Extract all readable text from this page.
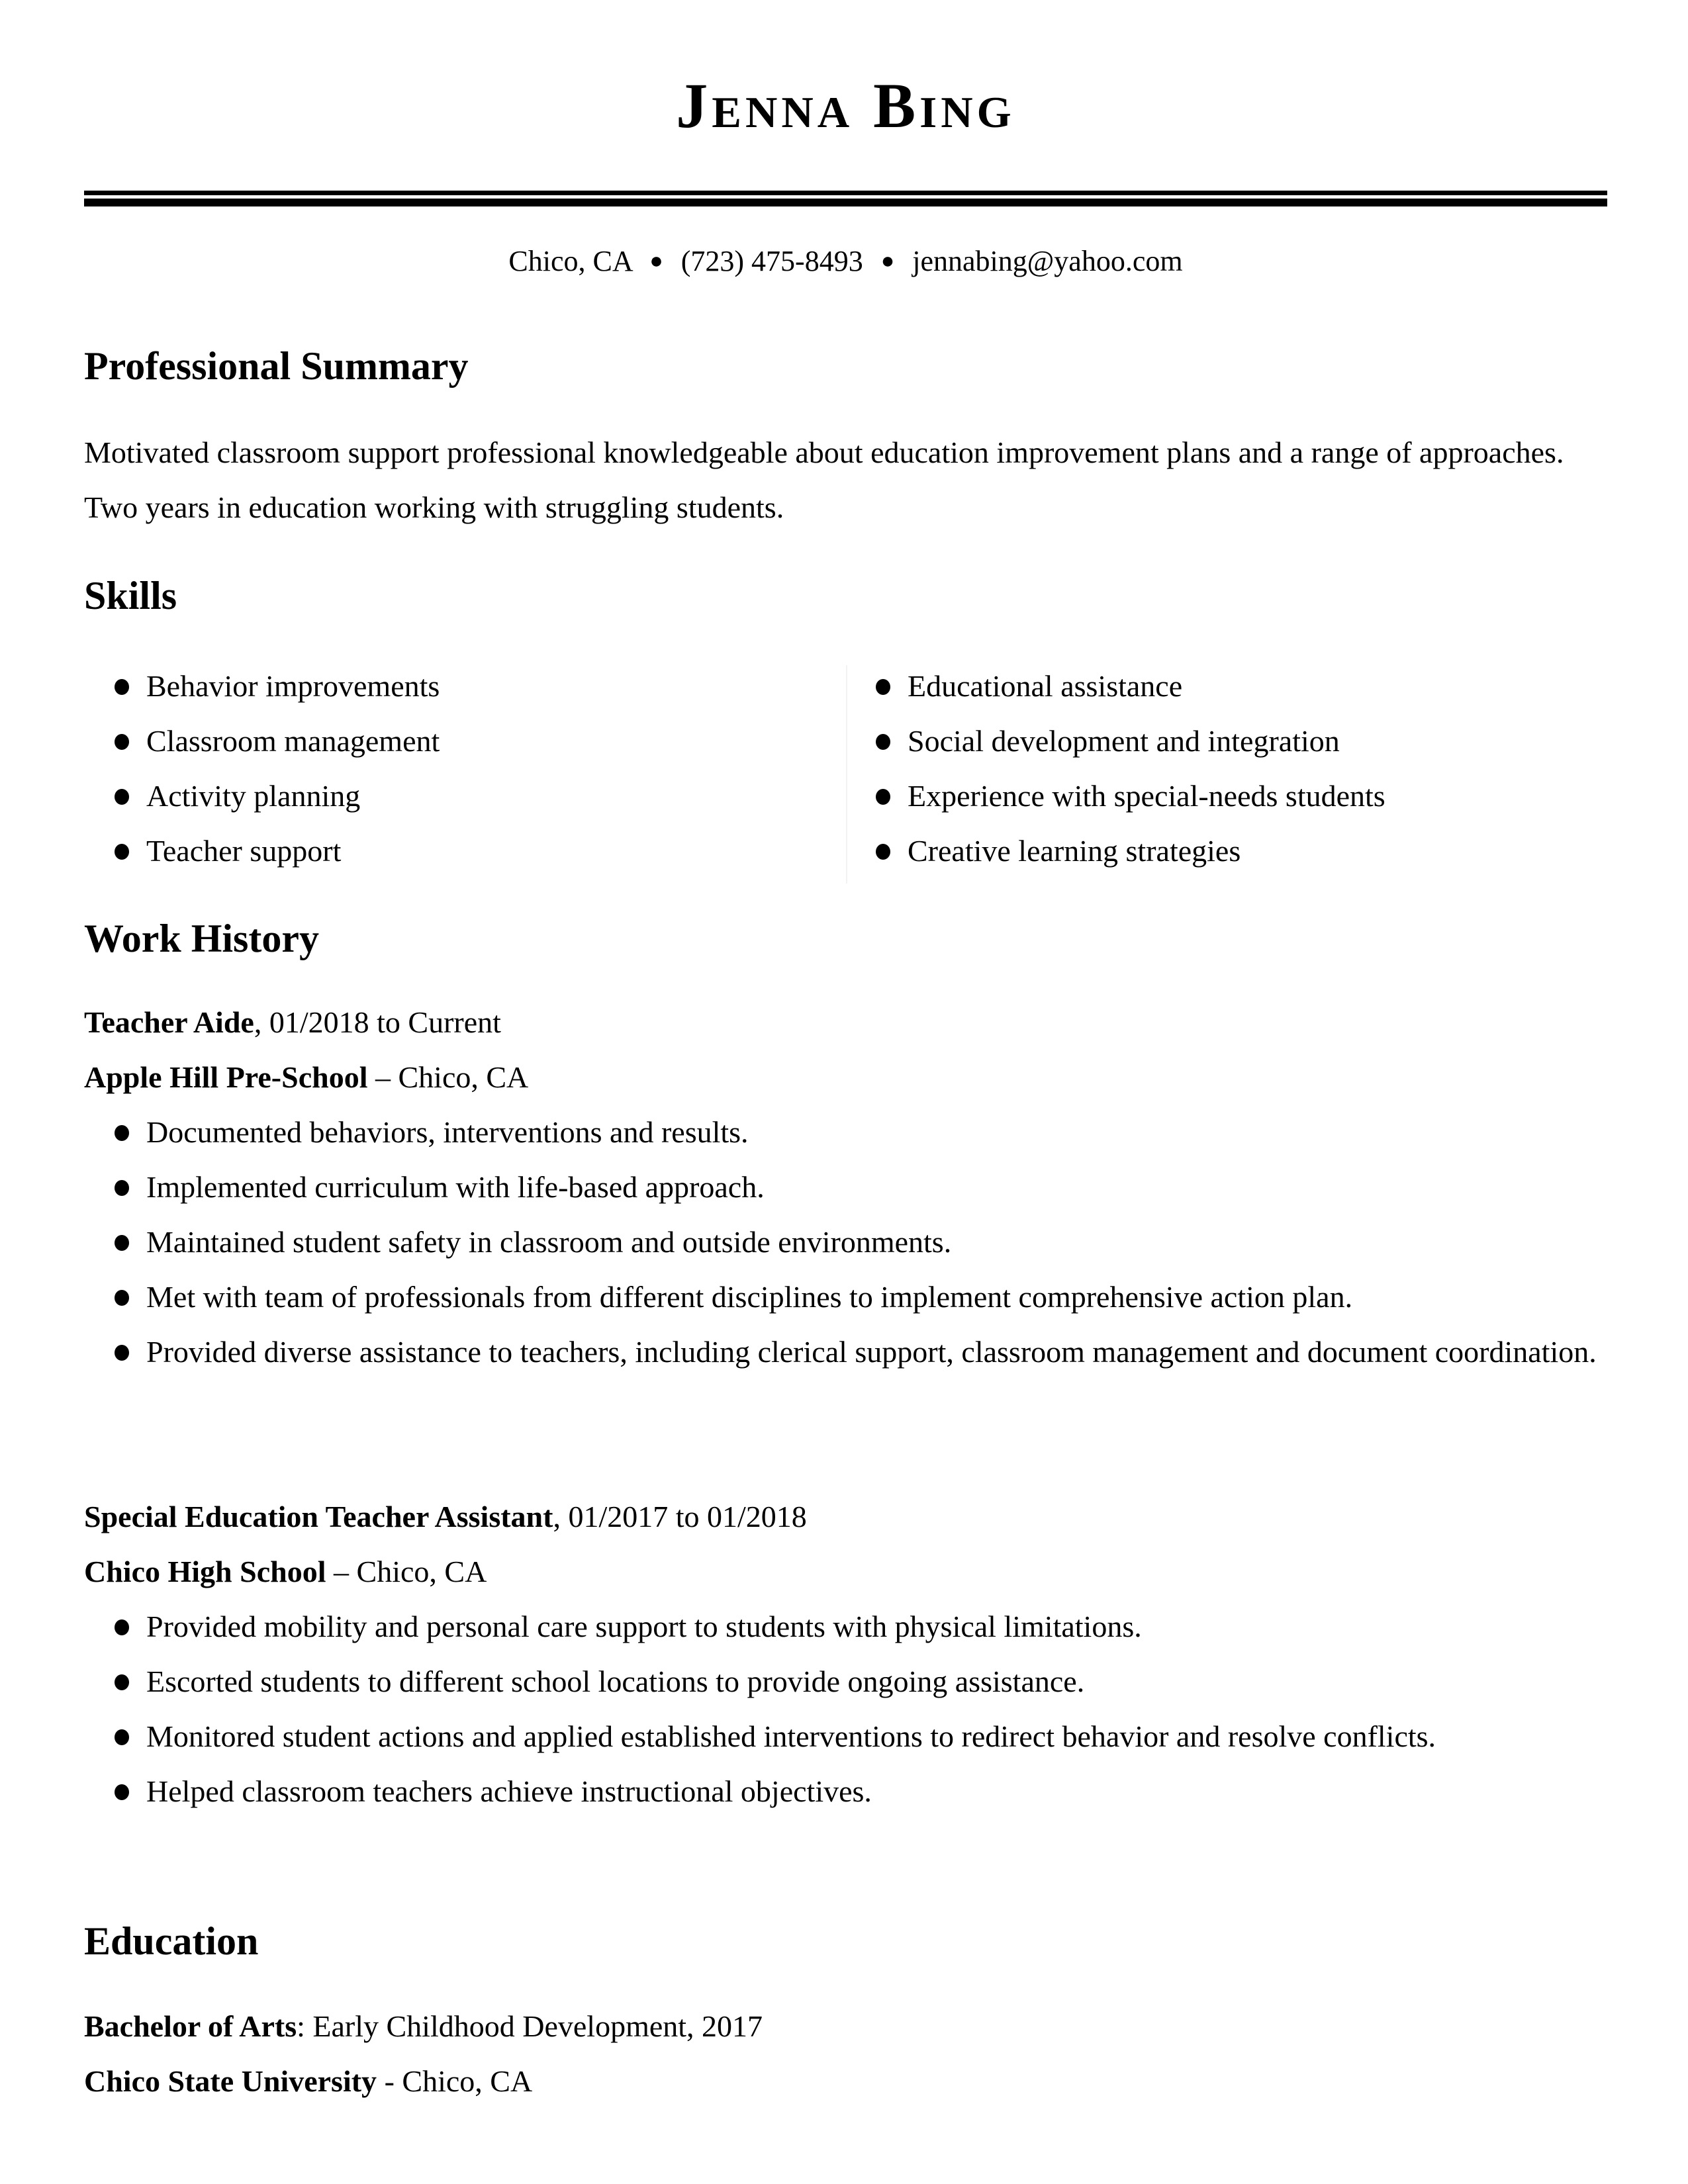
Jenna Bing
Chico, CA ● (723) 475-8493 ● jennabing@yahoo.com
Professional Summary

Motivated classroom support professional knowledgeable about education improvement plans and a range of approaches. Two years in education working with struggling students.

Skills
Behavior improvements
Classroom management
Activity planning
Teacher support
Educational assistance
Social development and integration
Experience with special-needs students
Creative learning strategies
Work History
Teacher Aide, 01/2018 to Current
Apple Hill Pre-School – Chico, CA
Documented behaviors, interventions and results.
Implemented curriculum with life-based approach.
Maintained student safety in classroom and outside environments.
Met with team of professionals from different disciplines to implement comprehensive action plan.
Provided diverse assistance to teachers, including clerical support, classroom management and document coordination.
Special Education Teacher Assistant, 01/2017 to 01/2018
Chico High School – Chico, CA
Provided mobility and personal care support to students with physical limitations.
Escorted students to different school locations to provide ongoing assistance.
Monitored student actions and applied established interventions to redirect behavior and resolve conflicts.
Helped classroom teachers achieve instructional objectives.
Education
Bachelor of Arts: Early Childhood Development, 2017
Chico State University - Chico, CA
